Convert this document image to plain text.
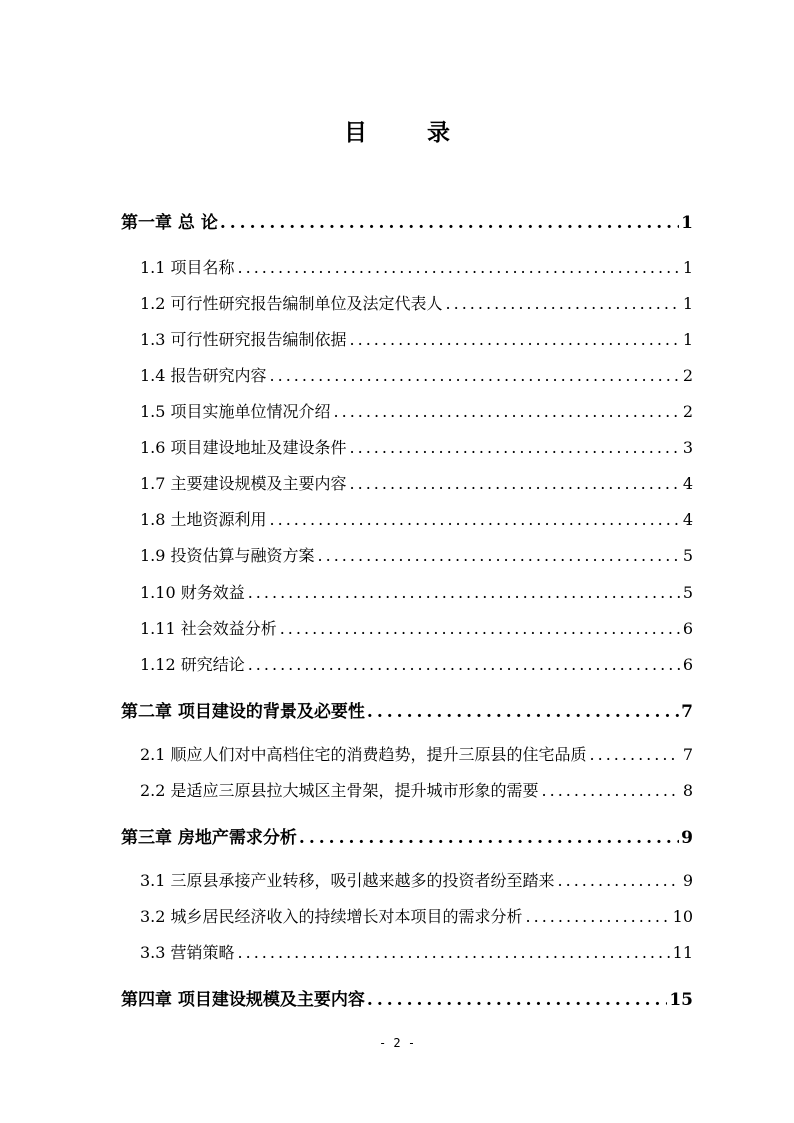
目 录
第一章 总 论 .....	1
1.1 项目名称 .....	1
1.2 可行性研究报告编制单位及法定代表人 .....	1
1.3 可行性研究报告编制依据 .....	1
1.4 报告研究内容 .....	2
1.5 项目实施单位情况介绍 .....	2
1.6 项目建设地址及建设条件 .....	3
1.7 主要建设规模及主要内容 .....	4
1.8 土地资源利用 .....	4
1.9 投资估算与融资方案 .....	5
1.10 财务效益 .....	5
1.11 社会效益分析 .....	6
1.12 研究结论 .....	6
第二章 项目建设的背景及必要性 .....	7
2.1 顺应人们对中高档住宅的消费趋势，提升三原县的住宅品质 .....	7
2.2 是适应三原县拉大城区主骨架，提升城市形象的需要 .....	8
第三章 房地产需求分析 .....	9
3.1 三原县承接产业转移，吸引越来越多的投资者纷至踏来 .....	9
3.2 城乡居民经济收入的持续增长对本项目的需求分析 .....	10
3.3 营销策略 .....	11
第四章 项目建设规模及主要内容 .....	15
- 2 -
